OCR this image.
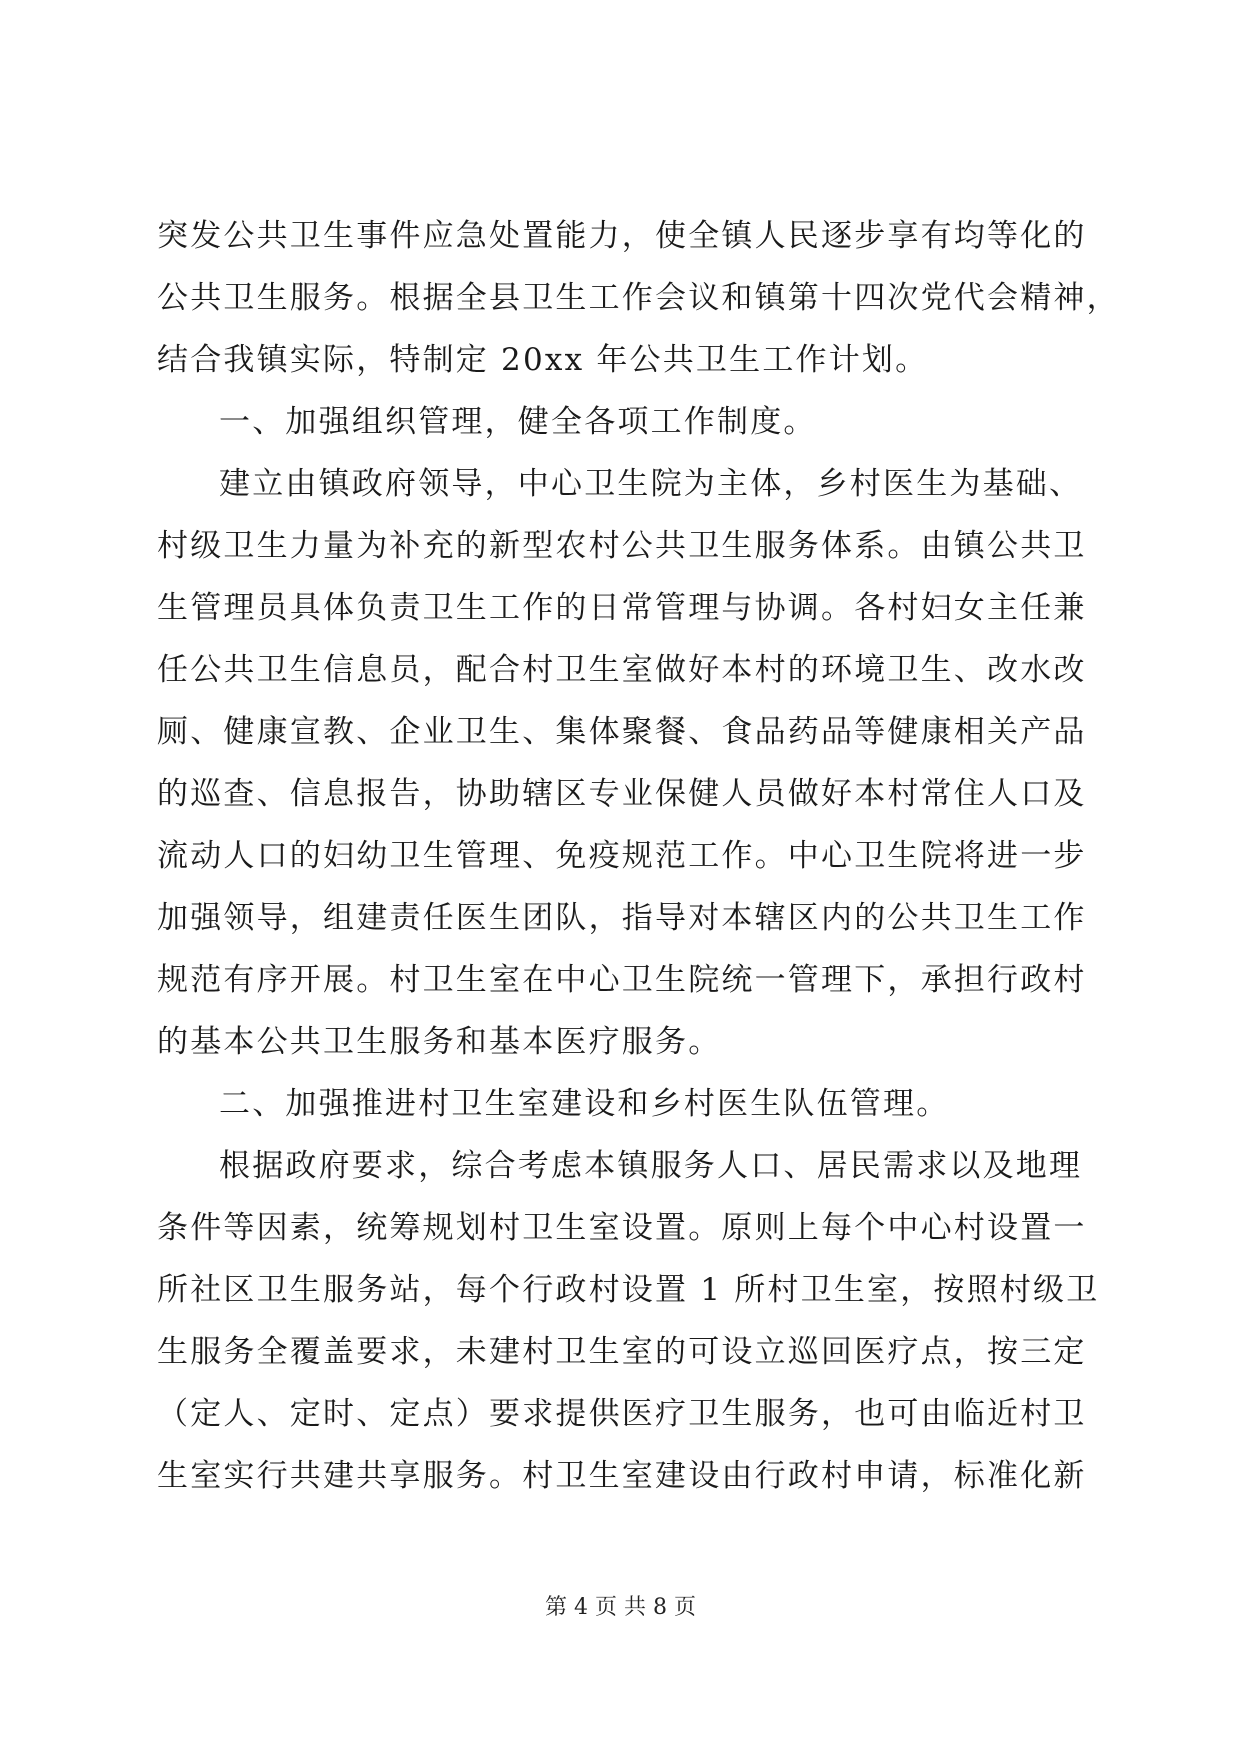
突发公共卫生事件应急处置能力，使全镇人民逐步享有均等化的
公共卫生服务。根据全县卫生工作会议和镇第十四次党代会精神，
结合我镇实际，特制定 20xx 年公共卫生工作计划。
一、加强组织管理，健全各项工作制度。
建立由镇政府领导，中心卫生院为主体，乡村医生为基础、
村级卫生力量为补充的新型农村公共卫生服务体系。由镇公共卫
生管理员具体负责卫生工作的日常管理与协调。各村妇女主任兼
任公共卫生信息员，配合村卫生室做好本村的环境卫生、改水改
厕、健康宣教、企业卫生、集体聚餐、食品药品等健康相关产品
的巡查、信息报告，协助辖区专业保健人员做好本村常住人口及
流动人口的妇幼卫生管理、免疫规范工作。中心卫生院将进一步
加强领导，组建责任医生团队，指导对本辖区内的公共卫生工作
规范有序开展。村卫生室在中心卫生院统一管理下，承担行政村
的基本公共卫生服务和基本医疗服务。
二、加强推进村卫生室建设和乡村医生队伍管理。
根据政府要求，综合考虑本镇服务人口、居民需求以及地理
条件等因素，统筹规划村卫生室设置。原则上每个中心村设置一
所社区卫生服务站，每个行政村设置 1 所村卫生室，按照村级卫
生服务全覆盖要求，未建村卫生室的可设立巡回医疗点，按三定
（定人、定时、定点）要求提供医疗卫生服务，也可由临近村卫
生室实行共建共享服务。村卫生室建设由行政村申请，标准化新
第 4 页 共 8 页
